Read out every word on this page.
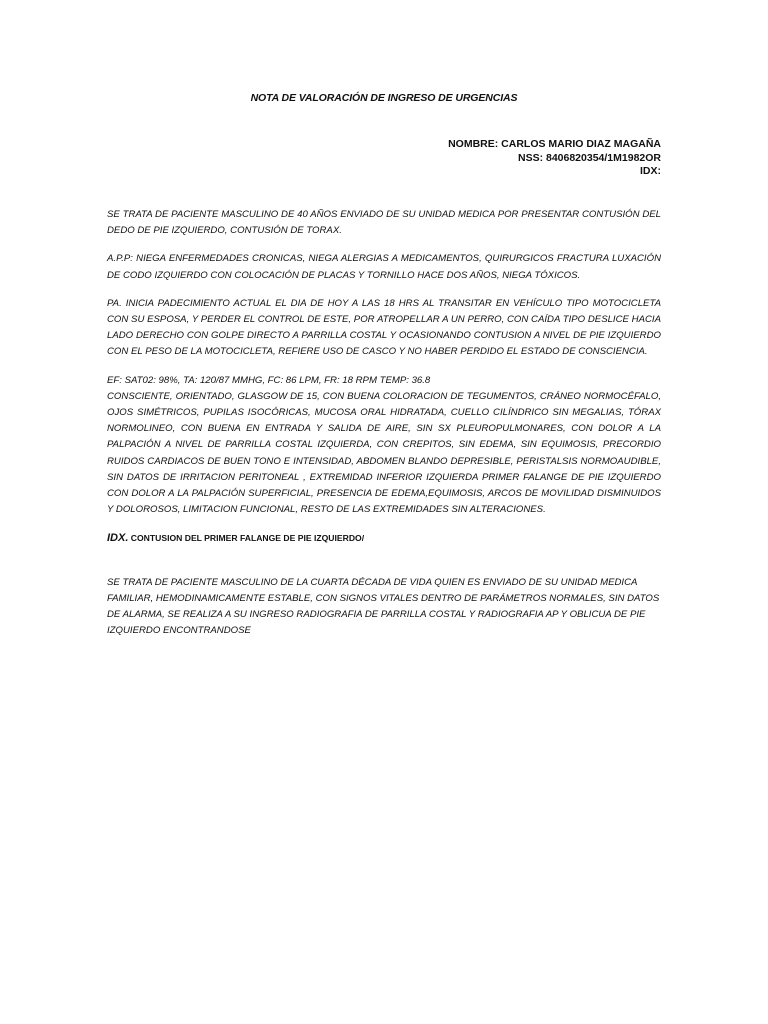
NOTA DE VALORACIÓN DE INGRESO DE URGENCIAS
NOMBRE: CARLOS MARIO DIAZ MAGAÑA
NSS: 8406820354/1M1982OR
IDX:

SE TRATA DE PACIENTE MASCULINO DE 40 AÑOS ENVIADO DE SU UNIDAD MEDICA POR PRESENTAR CONTUSIÓN DEL DEDO DE PIE IZQUIERDO, CONTUSIÓN DE TORAX.

A.P.P: NIEGA ENFERMEDADES CRONICAS, NIEGA ALERGIAS A MEDICAMENTOS, QUIRURGICOS FRACTURA LUXACIÓN DE CODO IZQUIERDO CON COLOCACIÓN DE PLACAS Y TORNILLO HACE DOS AÑOS, NIEGA TÓXICOS.

PA. INICIA PADECIMIENTO ACTUAL EL DIA DE HOY A LAS 18 HRS AL TRANSITAR EN VEHÍCULO TIPO MOTOCICLETA CON SU ESPOSA, Y PERDER EL CONTROL DE ESTE, POR ATROPELLAR A UN PERRO, CON CAÍDA TIPO DESLICE HACIA LADO DERECHO CON GOLPE DIRECTO A PARRILLA COSTAL Y OCASIONANDO CONTUSION A NIVEL DE PIE IZQUIERDO CON EL PESO DE LA MOTOCICLETA, REFIERE USO DE CASCO Y NO HABER PERDIDO EL ESTADO DE CONSCIENCIA.

EF: SAT02: 98%, TA: 120/87 MMHG, FC: 86 LPM, FR: 18 RPM TEMP: 36.8

CONSCIENTE, ORIENTADO, GLASGOW DE 15, CON BUENA COLORACION DE TEGUMENTOS, CRÁNEO NORMOCÉFALO, OJOS SIMÉTRICOS, PUPILAS ISOCÓRICAS, MUCOSA ORAL HIDRATADA, CUELLO CILÍNDRICO SIN MEGALIAS, TÓRAX NORMOLINEO, CON BUENA EN ENTRADA Y SALIDA DE AIRE, SIN SX PLEUROPULMONARES, CON DOLOR A LA PALPACIÓN A NIVEL DE PARRILLA COSTAL IZQUIERDA, CON CREPITOS, SIN EDEMA, SIN EQUIMOSIS, PRECORDIO RUIDOS CARDIACOS DE BUEN TONO E INTENSIDAD, ABDOMEN BLANDO DEPRESIBLE, PERISTALSIS NORMOAUDIBLE, SIN DATOS DE IRRITACION PERITONEAL , EXTREMIDAD INFERIOR IZQUIERDA PRIMER FALANGE DE PIE IZQUIERDO CON DOLOR A LA PALPACIÓN SUPERFICIAL, PRESENCIA DE EDEMA,EQUIMOSIS, ARCOS DE MOVILIDAD DISMINUIDOS Y DOLOROSOS, LIMITACION FUNCIONAL, RESTO DE LAS EXTREMIDADES SIN ALTERACIONES.

IDX. CONTUSION DEL PRIMER FALANGE DE PIE IZQUIERDO/

SE TRATA DE PACIENTE MASCULINO DE LA CUARTA DÉCADA DE VIDA QUIEN ES ENVIADO DE SU UNIDAD MEDICA FAMILIAR, HEMODINAMICAMENTE ESTABLE, CON SIGNOS VITALES DENTRO DE PARÁMETROS NORMALES, SIN DATOS DE ALARMA, SE REALIZA A SU INGRESO RADIOGRAFIA DE PARRILLA COSTAL Y RADIOGRAFIA AP Y OBLICUA DE PIE IZQUIERDO ENCONTRANDOSE
